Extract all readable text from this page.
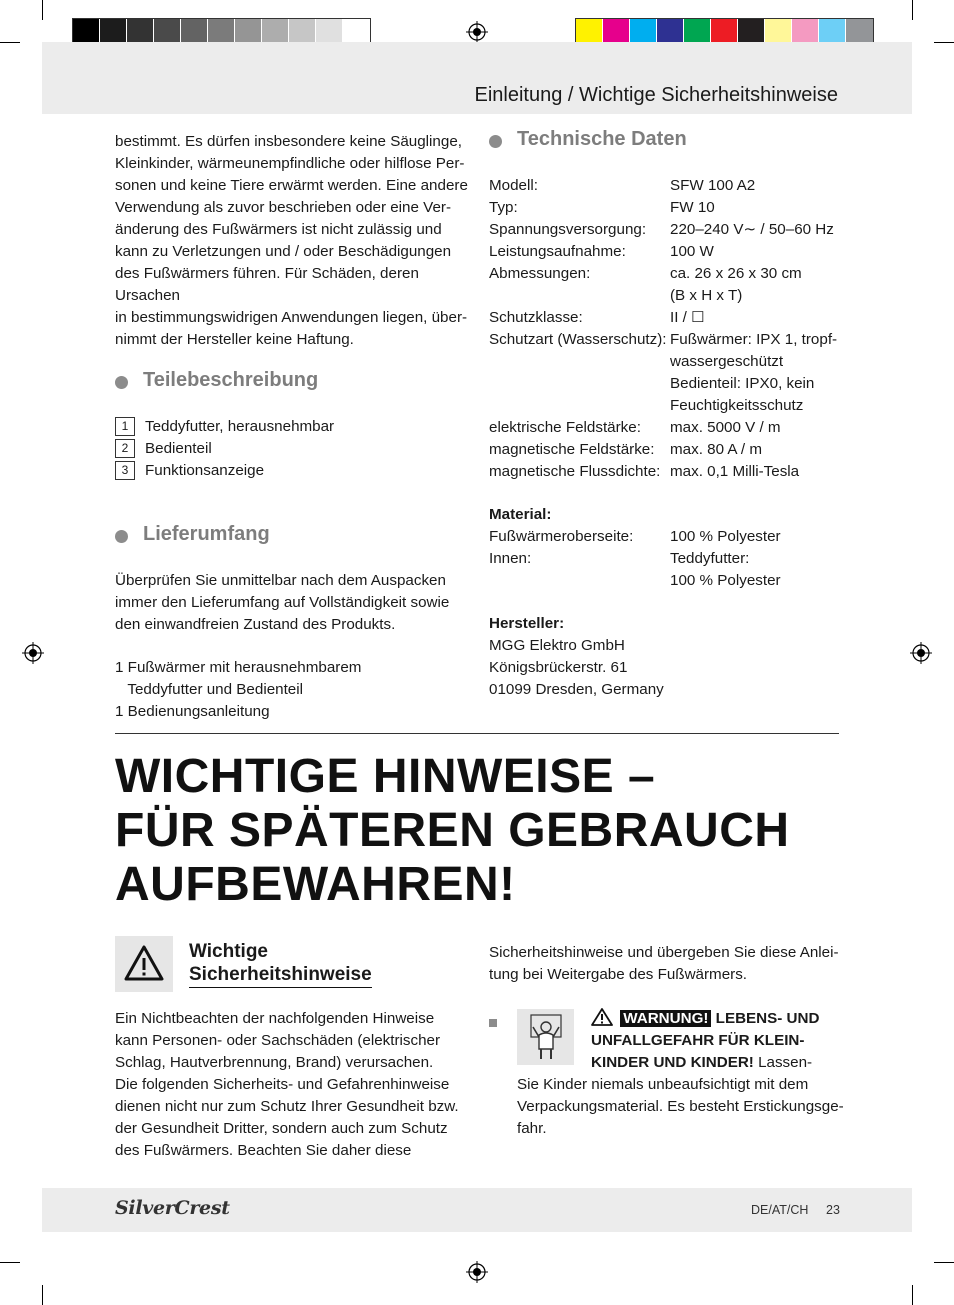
Einleitung / Wichtige Sicherheitshinweise
bestimmt. Es dürfen insbesondere keine Säuglinge,
Kleinkinder, wärmeunempfindliche oder hilflose Per-
sonen und keine Tiere erwärmt werden. Eine andere
Verwendung als zuvor beschrieben oder eine Ver-
änderung des Fußwärmers ist nicht zulässig und
kann zu Verletzungen und / oder Beschädigungen
des Fußwärmers führen. Für Schäden, deren Ursachen
in bestimmungswidrigen Anwendungen liegen, über-
nimmt der Hersteller keine Haftung.
Teilebeschreibung
1 Teddyfutter, herausnehmbar
2 Bedienteil
3 Funktionsanzeige
Lieferumfang
Überprüfen Sie unmittelbar nach dem Auspacken
immer den Lieferumfang auf Vollständigkeit sowie
den einwandfreien Zustand des Produkts.
1 Fußwärmer mit herausnehmbarem
Teddyfutter und Bedienteil
1 Bedienungsanleitung
Technische Daten
Modell:	SFW 100 A2
Typ:	FW 10
Spannungsversorgung: 220–240 V∼ / 50–60 Hz
Leistungsaufnahme:	100 W
Abmessungen:	ca. 26 x 26 x 30 cm
(B x H x T)
Schutzklasse:	II / ☐
Schutzart (Wasserschutz): Fußwärmer: IPX 1, tropf-
wassergeschützt
Bedienteil: IPX0, kein
Feuchtigkeitsschutz
elektrische Feldstärke: max. 5000 V / m
magnetische Feldstärke: max. 80 A / m
magnetische Flussdichte: max. 0,1 Milli-Tesla
Material:
Fußwärmeroberseite: 100 % Polyester
Innen:	Teddyfutter:
100 % Polyester
Hersteller:
MGG Elektro GmbH
Königsbrückerstr. 61
01099 Dresden, Germany
WICHTIGE HINWEISE –
FÜR SPÄTEREN GEBRAUCH
AUFBEWAHREN!
Wichtige
Sicherheitshinweise
Ein Nichtbeachten der nachfolgenden Hinweise
kann Personen- oder Sachschäden (elektrischer
Schlag, Hautverbrennung, Brand) verursachen.
Die folgenden Sicherheits- und Gefahrenhinweise
dienen nicht nur zum Schutz Ihrer Gesundheit bzw.
der Gesundheit Dritter, sondern auch zum Schutz
des Fußwärmers. Beachten Sie daher diese
Sicherheitshinweise und übergeben Sie diese Anlei-
tung bei Weitergabe des Fußwärmers.
WARNUNG! LEBENS- UND
UNFALLGEFAHR FÜR KLEIN-
KINDER UND KINDER! Lassen-
Sie Kinder niemals unbeaufsichtigt mit dem
Verpackungsmaterial. Es besteht Erstickungsge-
fahr.
SilverCrest	DE/AT/CH 23
